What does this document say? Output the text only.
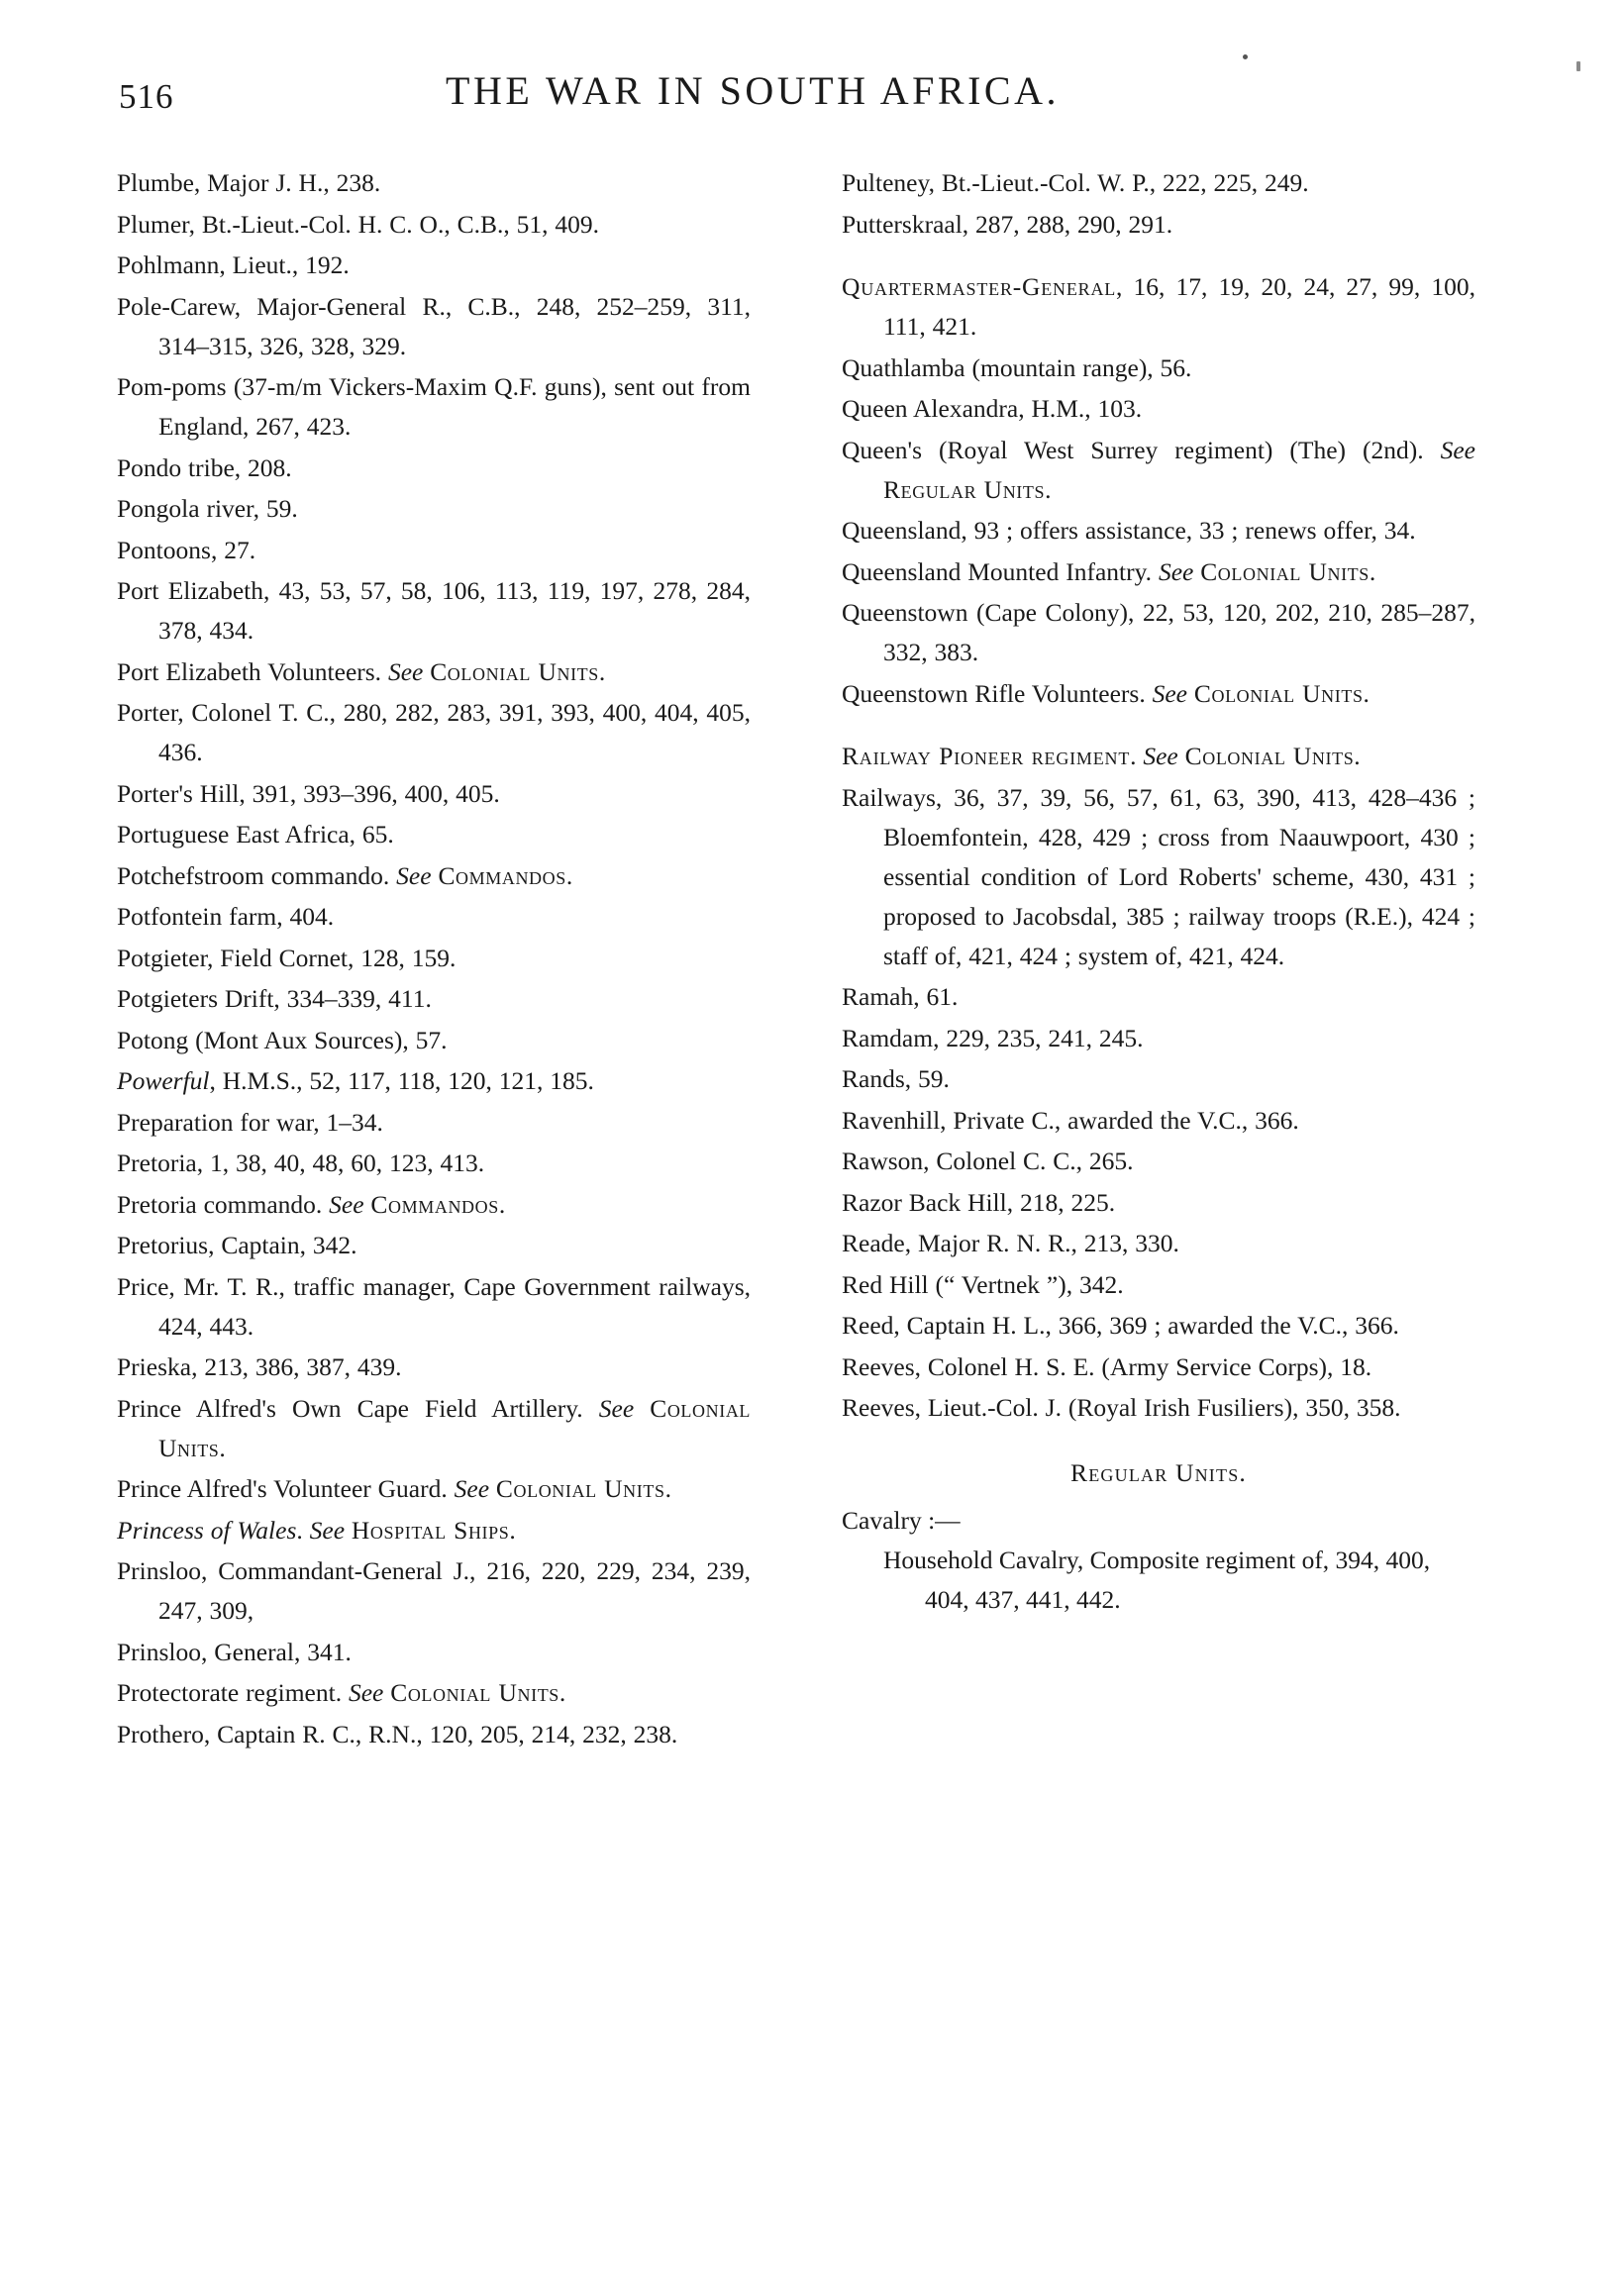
516	THE WAR IN SOUTH AFRICA.
Plumbe, Major J. H., 238.
Plumer, Bt.-Lieut.-Col. H. C. O., C.B., 51, 409.
Pohlmann, Lieut., 192.
Pole-Carew, Major-General R., C.B., 248, 252–259, 311, 314–315, 326, 328, 329.
Pom-poms (37-m/m Vickers-Maxim Q.F. guns), sent out from England, 267, 423.
Pondo tribe, 208.
Pongola river, 59.
Pontoons, 27.
Port Elizabeth, 43, 53, 57, 58, 106, 113, 119, 197, 278, 284, 378, 434.
Port Elizabeth Volunteers. See Colonial Units.
Porter, Colonel T. C., 280, 282, 283, 391, 393, 400, 404, 405, 436.
Porter's Hill, 391, 393–396, 400, 405.
Portuguese East Africa, 65.
Potchefstroom commando. See Commandos.
Potfontein farm, 404.
Potgieter, Field Cornet, 128, 159.
Potgieters Drift, 334–339, 411.
Potong (Mont Aux Sources), 57.
Powerful, H.M.S., 52, 117, 118, 120, 121, 185.
Preparation for war, 1–34.
Pretoria, 1, 38, 40, 48, 60, 123, 413.
Pretoria commando. See Commandos.
Pretorius, Captain, 342.
Price, Mr. T. R., traffic manager, Cape Government railways, 424, 443.
Prieska, 213, 386, 387, 439.
Prince Alfred's Own Cape Field Artillery. See Colonial Units.
Prince Alfred's Volunteer Guard. See Colonial Units.
Princess of Wales. See Hospital Ships.
Prinsloo, Commandant-General J., 216, 220, 229, 234, 239, 247, 309,
Prinsloo, General, 341.
Protectorate regiment. See Colonial Units.
Prothero, Captain R. C., R.N., 120, 205, 214, 232, 238.
Pulteney, Bt.-Lieut.-Col. W. P., 222, 225, 249.
Putterskraal, 287, 288, 290, 291.
Quartermaster-General, 16, 17, 19, 20, 24, 27, 99, 100, 111, 421.
Quathlamba (mountain range), 56.
Queen Alexandra, H.M., 103.
Queen's (Royal West Surrey regiment) (The) (2nd). See Regular Units.
Queensland, 93 ; offers assistance, 33 ; renews offer, 34.
Queensland Mounted Infantry. See Colonial Units.
Queenstown (Cape Colony), 22, 53, 120, 202, 210, 285–287, 332, 383.
Queenstown Rifle Volunteers. See Colonial Units.
Railway Pioneer regiment. See Colonial Units.
Railways, 36, 37, 39, 56, 57, 61, 63, 390, 413, 428–436 ; Bloemfontein, 428, 429 ; cross from Naauwpoort, 430 ; essential condition of Lord Roberts' scheme, 430, 431 ; proposed to Jacobsdal, 385 ; railway troops (R.E.), 424 ; staff of, 421, 424 ; system of, 421, 424.
Ramah, 61.
Ramdam, 229, 235, 241, 245.
Rands, 59.
Ravenhill, Private C., awarded the V.C., 366.
Rawson, Colonel C. C., 265.
Razor Back Hill, 218, 225.
Reade, Major R. N. R., 213, 330.
Red Hill (“ Vertnek ”), 342.
Reed, Captain H. L., 366, 369 ; awarded the V.C., 366.
Reeves, Colonel H. S. E. (Army Service Corps), 18.
Reeves, Lieut.-Col. J. (Royal Irish Fusiliers), 350, 358.
Regular Units.
Cavalry :—
Household Cavalry, Composite regiment of, 394, 400, 404, 437, 441, 442.
